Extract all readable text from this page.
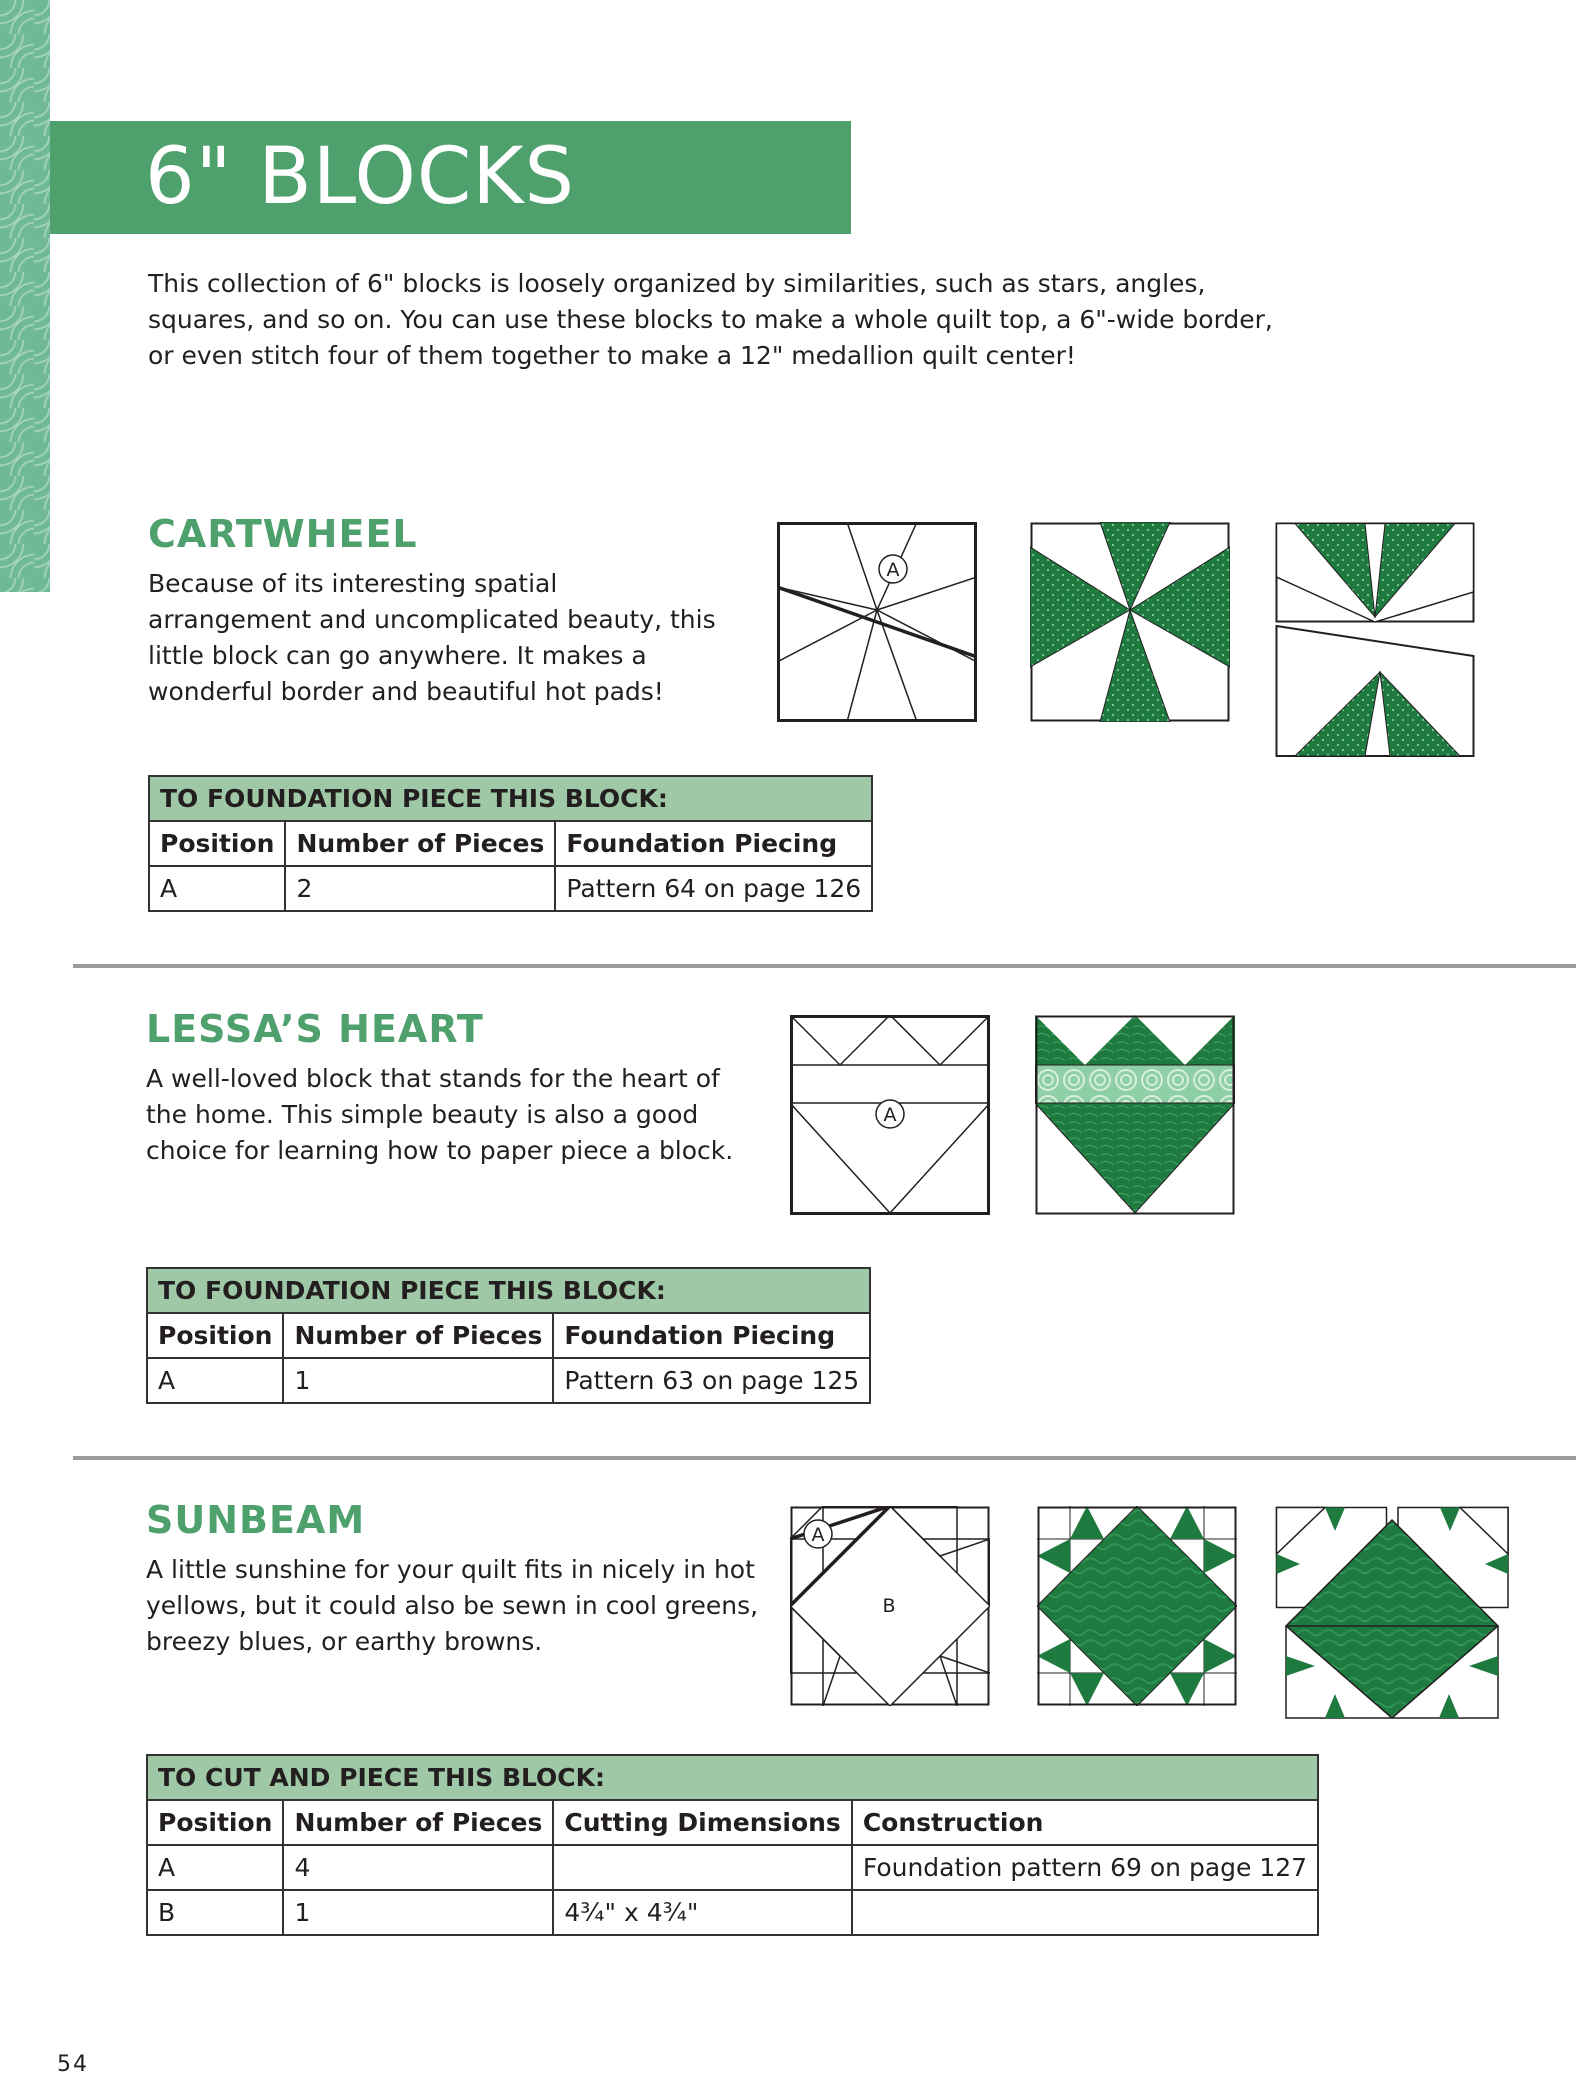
6" BLOCKS

This collection of 6" blocks is loosely organized by similarities, such as stars, angles, squares, and so on. You can use these blocks to make a whole quilt top, a 6"-wide border, or even stitch four of them together to make a 12" medallion quilt center!

CARTWHEEL

Because of its interesting spatial arrangement and uncomplicated beauty, this little block can go anywhere. It makes a wonderful border and beautiful hot pads!

A
TO FOUNDATION PIECE THIS BLOCK:		
Position	Number of Pieces	Foundation Piecing
A	2	Pattern 64 on page 126
LESSA’S HEART

A well-loved block that stands for the heart of the home. This simple beauty is also a good choice for learning how to paper piece a block.

A
TO FOUNDATION PIECE THIS BLOCK:		
Position	Number of Pieces	Foundation Piecing
A	1	Pattern 63 on page 125
SUNBEAM

A little sunshine for your quilt fits in nicely in hot yellows, but it could also be sewn in cool greens, breezy blues, or earthy browns.

A
B
TO CUT AND PIECE THIS BLOCK:			
Position	Number of Pieces	Cutting Dimensions	Construction
A	4		Foundation pattern 69 on page 127
B	1	4¾" x 4¾"	
54
